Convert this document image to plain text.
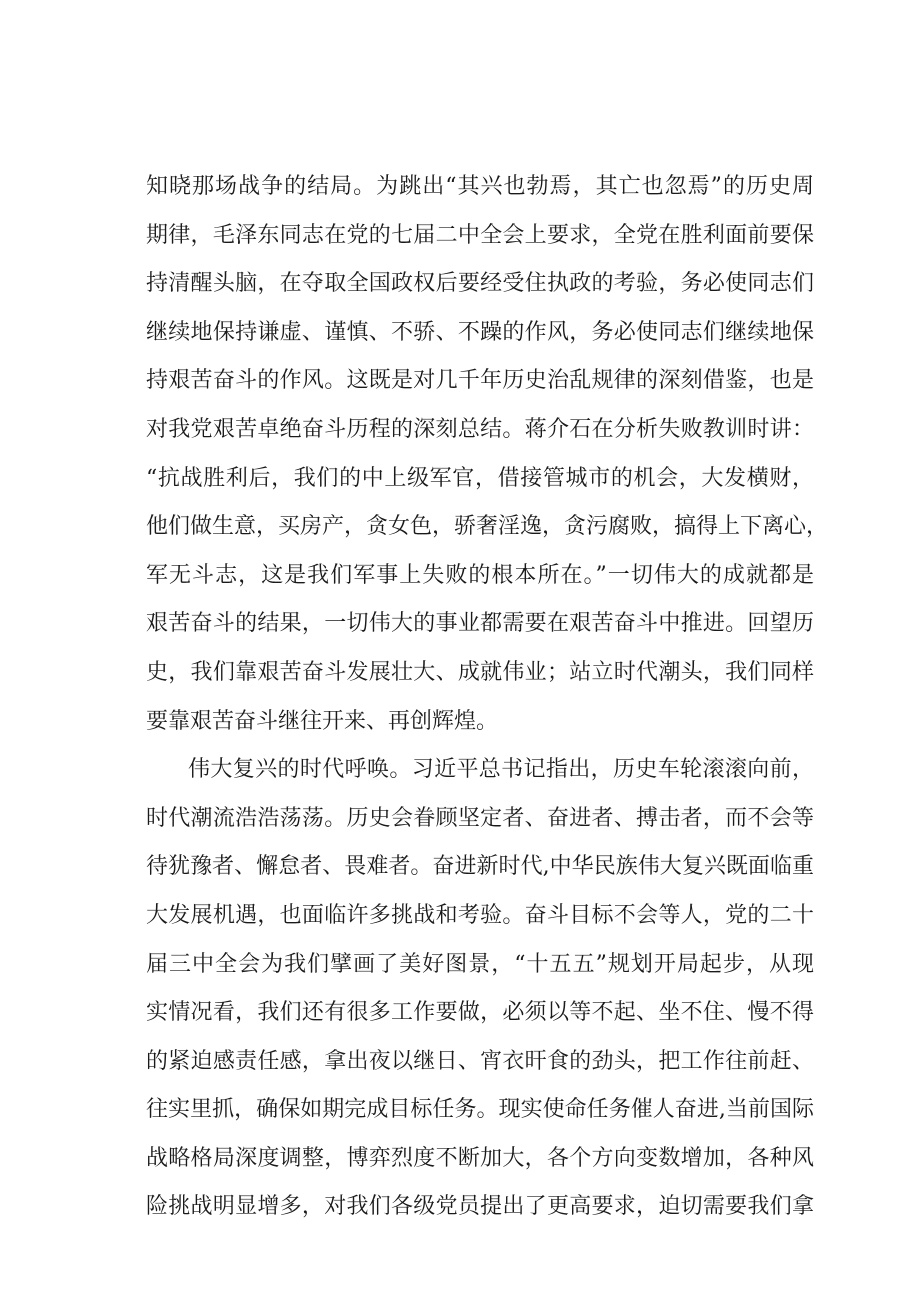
知晓那场战争的结局。为跳出“其兴也勃焉，其亡也忽焉”的历史周
期律，毛泽东同志在党的七届二中全会上要求，全党在胜利面前要保
持清醒头脑，在夺取全国政权后要经受住执政的考验，务必使同志们
继续地保持谦虚、谨慎、不骄、不躁的作风，务必使同志们继续地保
持艰苦奋斗的作风。这既是对几千年历史治乱规律的深刻借鉴，也是
对我党艰苦卓绝奋斗历程的深刻总结。蒋介石在分析失败教训时讲：
“抗战胜利后，我们的中上级军官，借接管城市的机会，大发横财，
他们做生意，买房产，贪女色，骄奢淫逸，贪污腐败，搞得上下离心，
军无斗志，这是我们军事上失败的根本所在。”一切伟大的成就都是
艰苦奋斗的结果，一切伟大的事业都需要在艰苦奋斗中推进。回望历
史，我们靠艰苦奋斗发展壮大、成就伟业；站立时代潮头，我们同样
要靠艰苦奋斗继往开来、再创辉煌。
伟大复兴的时代呼唤。习近平总书记指出，历史车轮滚滚向前，
时代潮流浩浩荡荡。历史会眷顾坚定者、奋进者、搏击者，而不会等
待犹豫者、懈怠者、畏难者。奋进新时代,中华民族伟大复兴既面临重
大发展机遇，也面临许多挑战和考验。奋斗目标不会等人，党的二十
届三中全会为我们擘画了美好图景，“十五五”规划开局起步，从现
实情况看，我们还有很多工作要做，必须以等不起、坐不住、慢不得
的紧迫感责任感，拿出夜以继日、宵衣旰食的劲头，把工作往前赶、
往实里抓，确保如期完成目标任务。现实使命任务催人奋进,当前国际
战略格局深度调整，博弈烈度不断加大，各个方向变数增加，各种风
险挑战明显增多，对我们各级党员提出了更高要求，迫切需要我们拿
